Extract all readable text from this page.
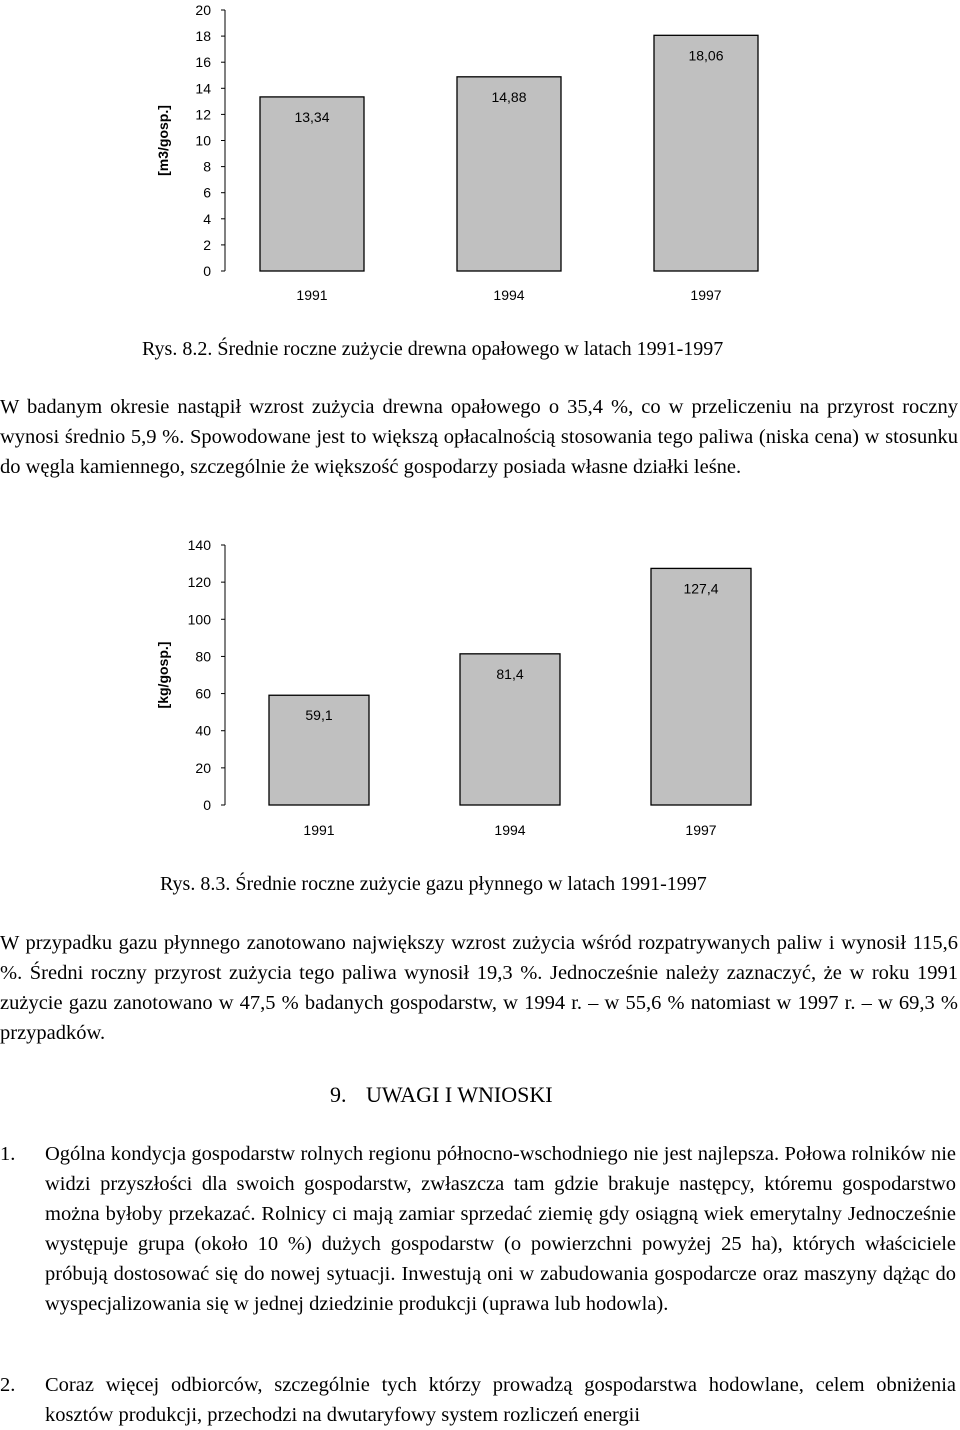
0
2
4
6
8
10
12
14
16
18
20
[m3/gosp.]	13,34
1991
14,88
1994
18,06
1997
Rys. 8.2. Średnie roczne zużycie drewna opałowego w latach 1991-1997
W badanym okresie nastąpił wzrost zużycia drewna opałowego o 35,4 %, co w przeliczeniu na przyrost roczny wynosi średnio 5,9 %. Spowodowane jest to większą opłacalnością stosowania tego paliwa (niska cena) w stosunku do węgla kamiennego, szczególnie że większość gospodarzy posiada własne działki leśne.
0
20
40
60
80
100
120
140
[kg/gosp.]
59,1
1991
81,4
1994
127,4
1997
Rys. 8.3. Średnie roczne zużycie gazu płynnego w latach 1991-1997
W przypadku gazu płynnego zanotowano największy wzrost zużycia wśród rozpatrywanych paliw i wynosił 115,6 %. Średni roczny przyrost zużycia tego paliwa wynosił 19,3 %. Jednocześnie należy zaznaczyć, że w roku 1991 zużycie gazu zanotowano w 47,5 % badanych gospodarstw, w 1994 r. – w 55,6 % natomiast w 1997 r. – w 69,3 % przypadków.
9. UWAGI I WNIOSKI
1. Ogólna kondycja gospodarstw rolnych regionu północno-wschodniego nie jest najlepsza. Połowa rolników nie widzi przyszłości dla swoich gospodarstw, zwłaszcza tam gdzie brakuje następcy, któremu gospodarstwo można byłoby przekazać. Rolnicy ci mają zamiar sprzedać ziemię gdy osiągną wiek emerytalny Jednocześnie występuje grupa (około 10 %) dużych gospodarstw (o powierzchni powyżej 25 ha), których właściciele próbują dostosować się do nowej sytuacji. Inwestują oni w zabudowania gospodarcze oraz maszyny dążąc do wyspecjalizowania się w jednej dziedzinie produkcji (uprawa lub hodowla).
2. Coraz więcej odbiorców, szczególnie tych którzy prowadzą gospodarstwa hodowlane, celem obniżenia kosztów produkcji, przechodzi na dwutaryfowy system rozliczeń energii
